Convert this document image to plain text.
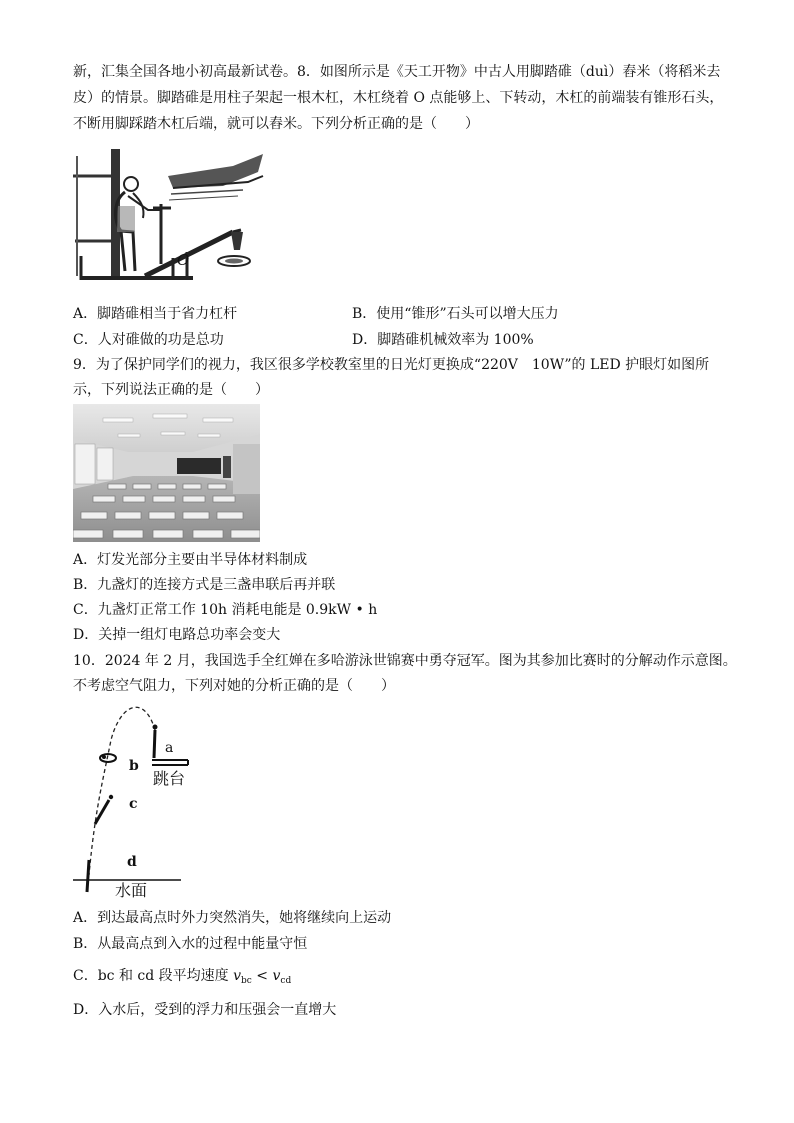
新，汇集全国各地小初高最新试卷。8．如图所示是《天工开物》中古人用脚踏碓（duì）舂米（将稻米去
皮）的情景。脚踏碓是用柱子架起一根木杠，木杠绕着 O 点能够上、下转动，木杠的前端装有锥形石头，
不断用脚踩踏木杠后端，就可以舂米。下列分析正确的是（　　）
O
A．脚踏碓相当于省力杠杆	B．使用“锥形”石头可以增大压力
C．人对碓做的功是总功	D．脚踏碓机械效率为 100%
9．为了保护同学们的视力，我区很多学校教室里的日光灯更换成“220V　10W”的 LED 护眼灯如图所
示，下列说法正确的是（　　）
A．灯发光部分主要由半导体材料制成
B．九盏灯的连接方式是三盏串联后再并联
C．九盏灯正常工作 10h 消耗电能是 0.9kW • h
D．关掉一组灯电路总功率会变大
10．2024 年 2 月，我国选手全红婵在多哈游泳世锦赛中勇夺冠军。图为其参加比赛时的分解动作示意图。
不考虑空气阻力，下列对她的分析正确的是（　　）
a
b
c
d
跳台
水面
A．到达最高点时外力突然消失，她将继续向上运动
B．从最高点到入水的过程中能量守恒
C．bc 和 cd 段平均速度 $v_{bc} < v_{cd}$
D．入水后，受到的浮力和压强会一直增大
